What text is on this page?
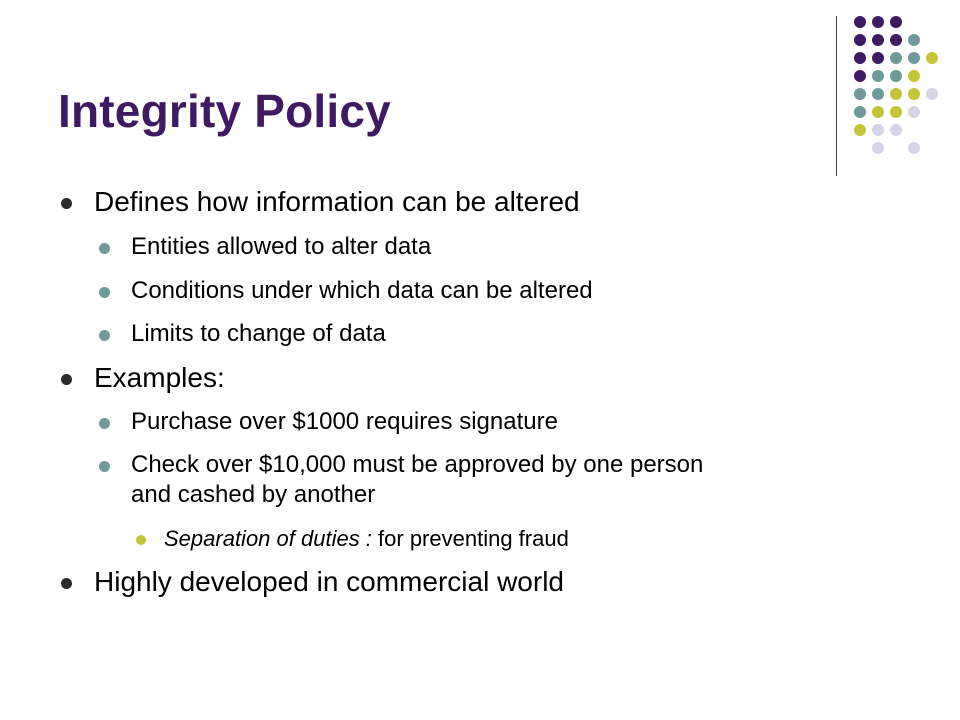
Integrity Policy
Defines how information can be altered
Entities allowed to alter data
Conditions under which data can be altered
Limits to change of data
Examples:
Purchase over $1000 requires signature
Check over $10,000 must be approved by one person
and cashed by another
Separation of duties : for preventing fraud
Highly developed in commercial world
